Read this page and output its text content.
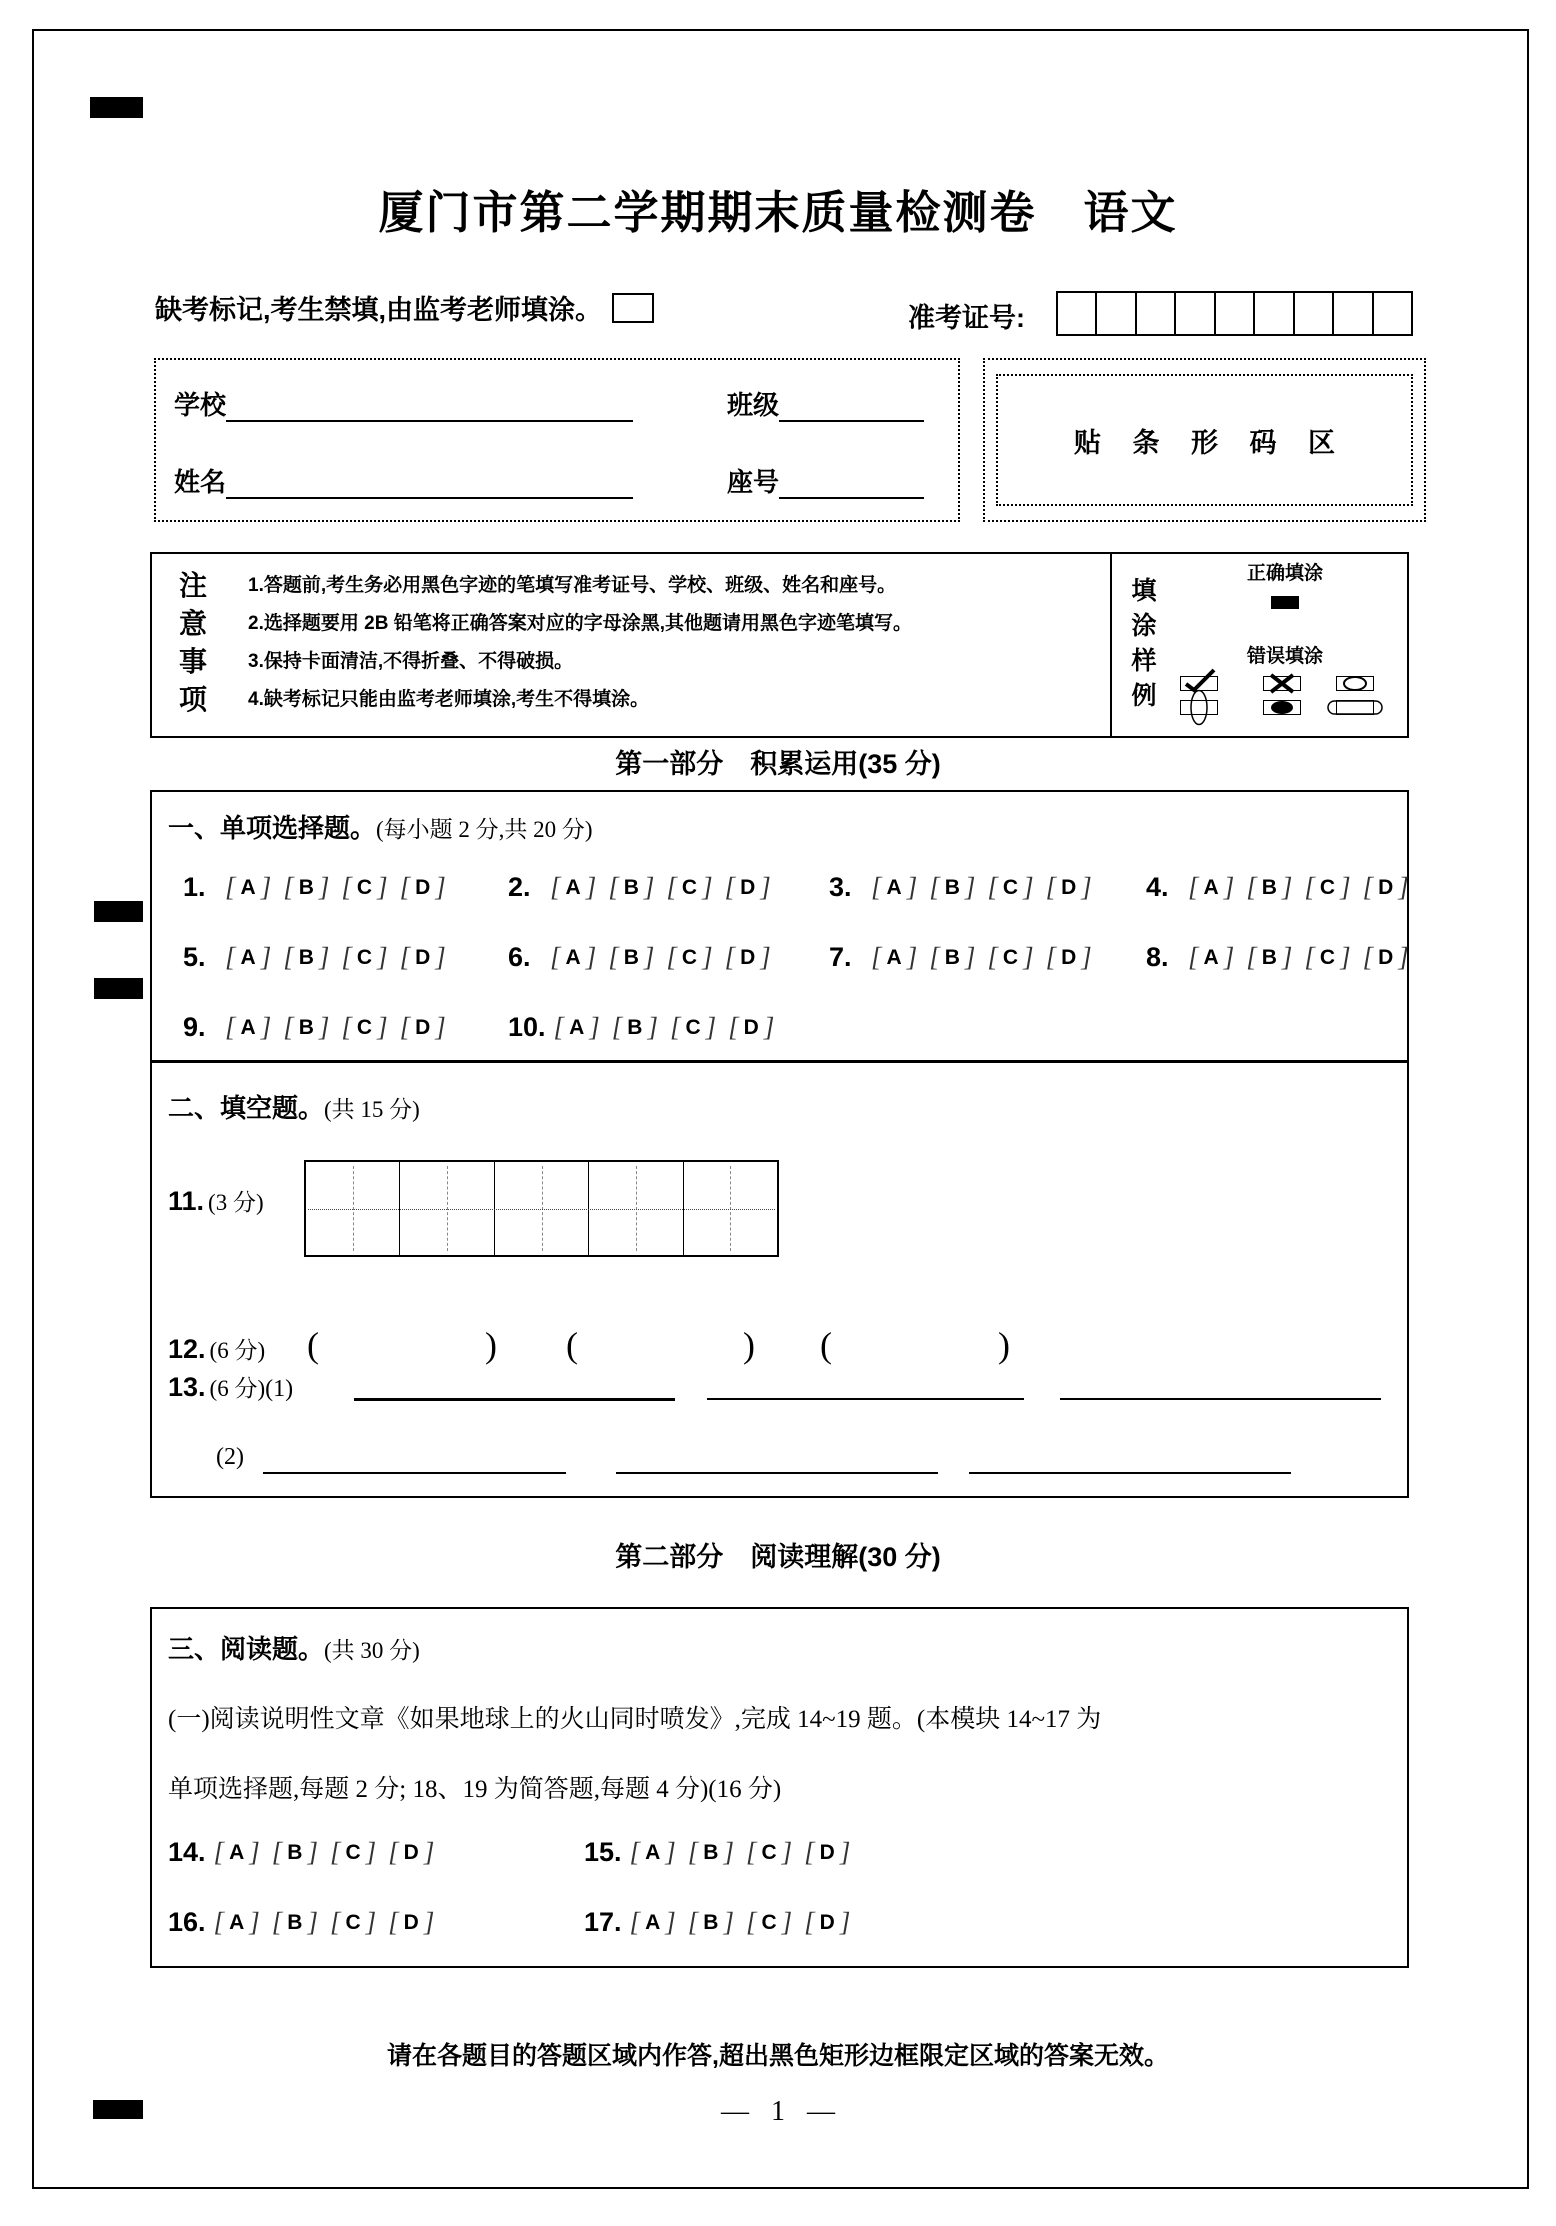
厦门市第二学期期末质量检测卷　语文
缺考标记,考生禁填,由监考老师填涂。	准考证号:
学校	班级
姓名	座号
贴 条 形 码 区
注
意
事
项
1.答题前,考生务必用黑色字迹的笔填写准考证号、学校、班级、姓名和座号。
2.选择题要用 2B 铅笔将正确答案对应的字母涂黑,其他题请用黑色字迹笔填写。
3.保持卡面清洁,不得折叠、不得破损。
4.缺考标记只能由监考老师填涂,考生不得填涂。
填
涂
样
例
正确填涂
错误填涂
第一部分　积累运用(35 分)
一、单项选择题。(每小题 2 分,共 20 分)
1. [ A ] [ B ] [ C ] [ D ] 2. [ A ] [ B ] [ C ] [ D ] 3. [ A ] [ B ] [ C ] [ D ] 4. [ A ] [ B ] [ C ] [ D ]
5. [ A ] [ B ] [ C ] [ D ] 6. [ A ] [ B ] [ C ] [ D ] 7. [ A ] [ B ] [ C ] [ D ] 8. [ A ] [ B ] [ C ] [ D ]
9. [ A ] [ B ] [ C ] [ D ] 10. [ A ] [ B ] [ C ] [ D ]
二、填空题。(共 15 分)
11. (3 分)
12. (6 分) (	) (	) (	)
13. (6 分) (1)
(2)
第二部分　阅读理解(30 分)
三、阅读题。(共 30 分)
(一)阅读说明性文章《如果地球上的火山同时喷发》,完成 14~19 题。(本模块 14~17 为
单项选择题,每题 2 分; 18、19 为简答题,每题 4 分)(16 分)
14. [ A ] [ B ] [ C ] [ D ]	15. [ A ] [ B ] [ C ] [ D ]
16. [ A ] [ B ] [ C ] [ D ]	17. [ A ] [ B ] [ C ] [ D ]
请在各题目的答题区域内作答,超出黑色矩形边框限定区域的答案无效。
— 1 —
